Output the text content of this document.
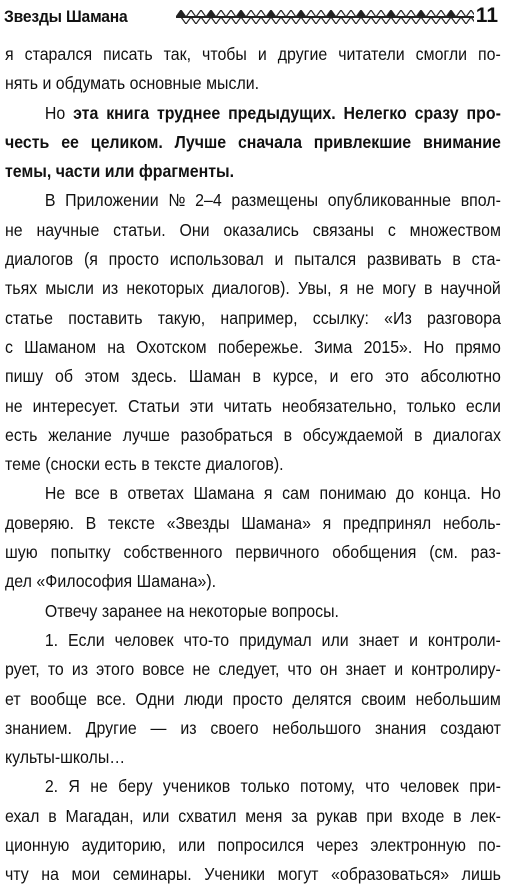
Звезды Шамана	11
я старался писать так, чтобы и другие читатели смогли по-
нять и обдумать основные мысли.
Но эта книга труднее предыдущих. Нелегко сразу про-
честь ее целиком. Лучше сначала привлекшие внимание
темы, части или фрагменты.
В Приложении № 2–4 размещены опубликованные впол-
не научные статьи. Они оказались связаны с множеством
диалогов (я просто использовал и пытался развивать в ста-
тьях мысли из некоторых диалогов). Увы, я не могу в научной
статье поставить такую, например, ссылку: «Из разговора
с Шаманом на Охотском побережье. Зима 2015». Но прямо
пишу об этом здесь. Шаман в курсе, и его это абсолютно
не интересует. Статьи эти читать необязательно, только если
есть желание лучше разобраться в обсуждаемой в диалогах
теме (сноски есть в тексте диалогов).
Не все в ответах Шамана я сам понимаю до конца. Но
доверяю. В тексте «Звезды Шамана» я предпринял неболь-
шую попытку собственного первичного обобщения (см. раз-
дел «Философия Шамана»).
Отвечу заранее на некоторые вопросы.
1. Если человек что-то придумал или знает и контроли-
рует, то из этого вовсе не следует, что он знает и контролиру-
ет вообще все. Одни люди просто делятся своим небольшим
знанием. Другие — из своего небольшого знания создают
культы-школы…
2. Я не беру учеников только потому, что человек при-
ехал в Магадан, или схватил меня за рукав при входе в лек-
ционную аудиторию, или попросился через электронную по-
чту на мои семинары. Ученики могут «образоваться» лишь
